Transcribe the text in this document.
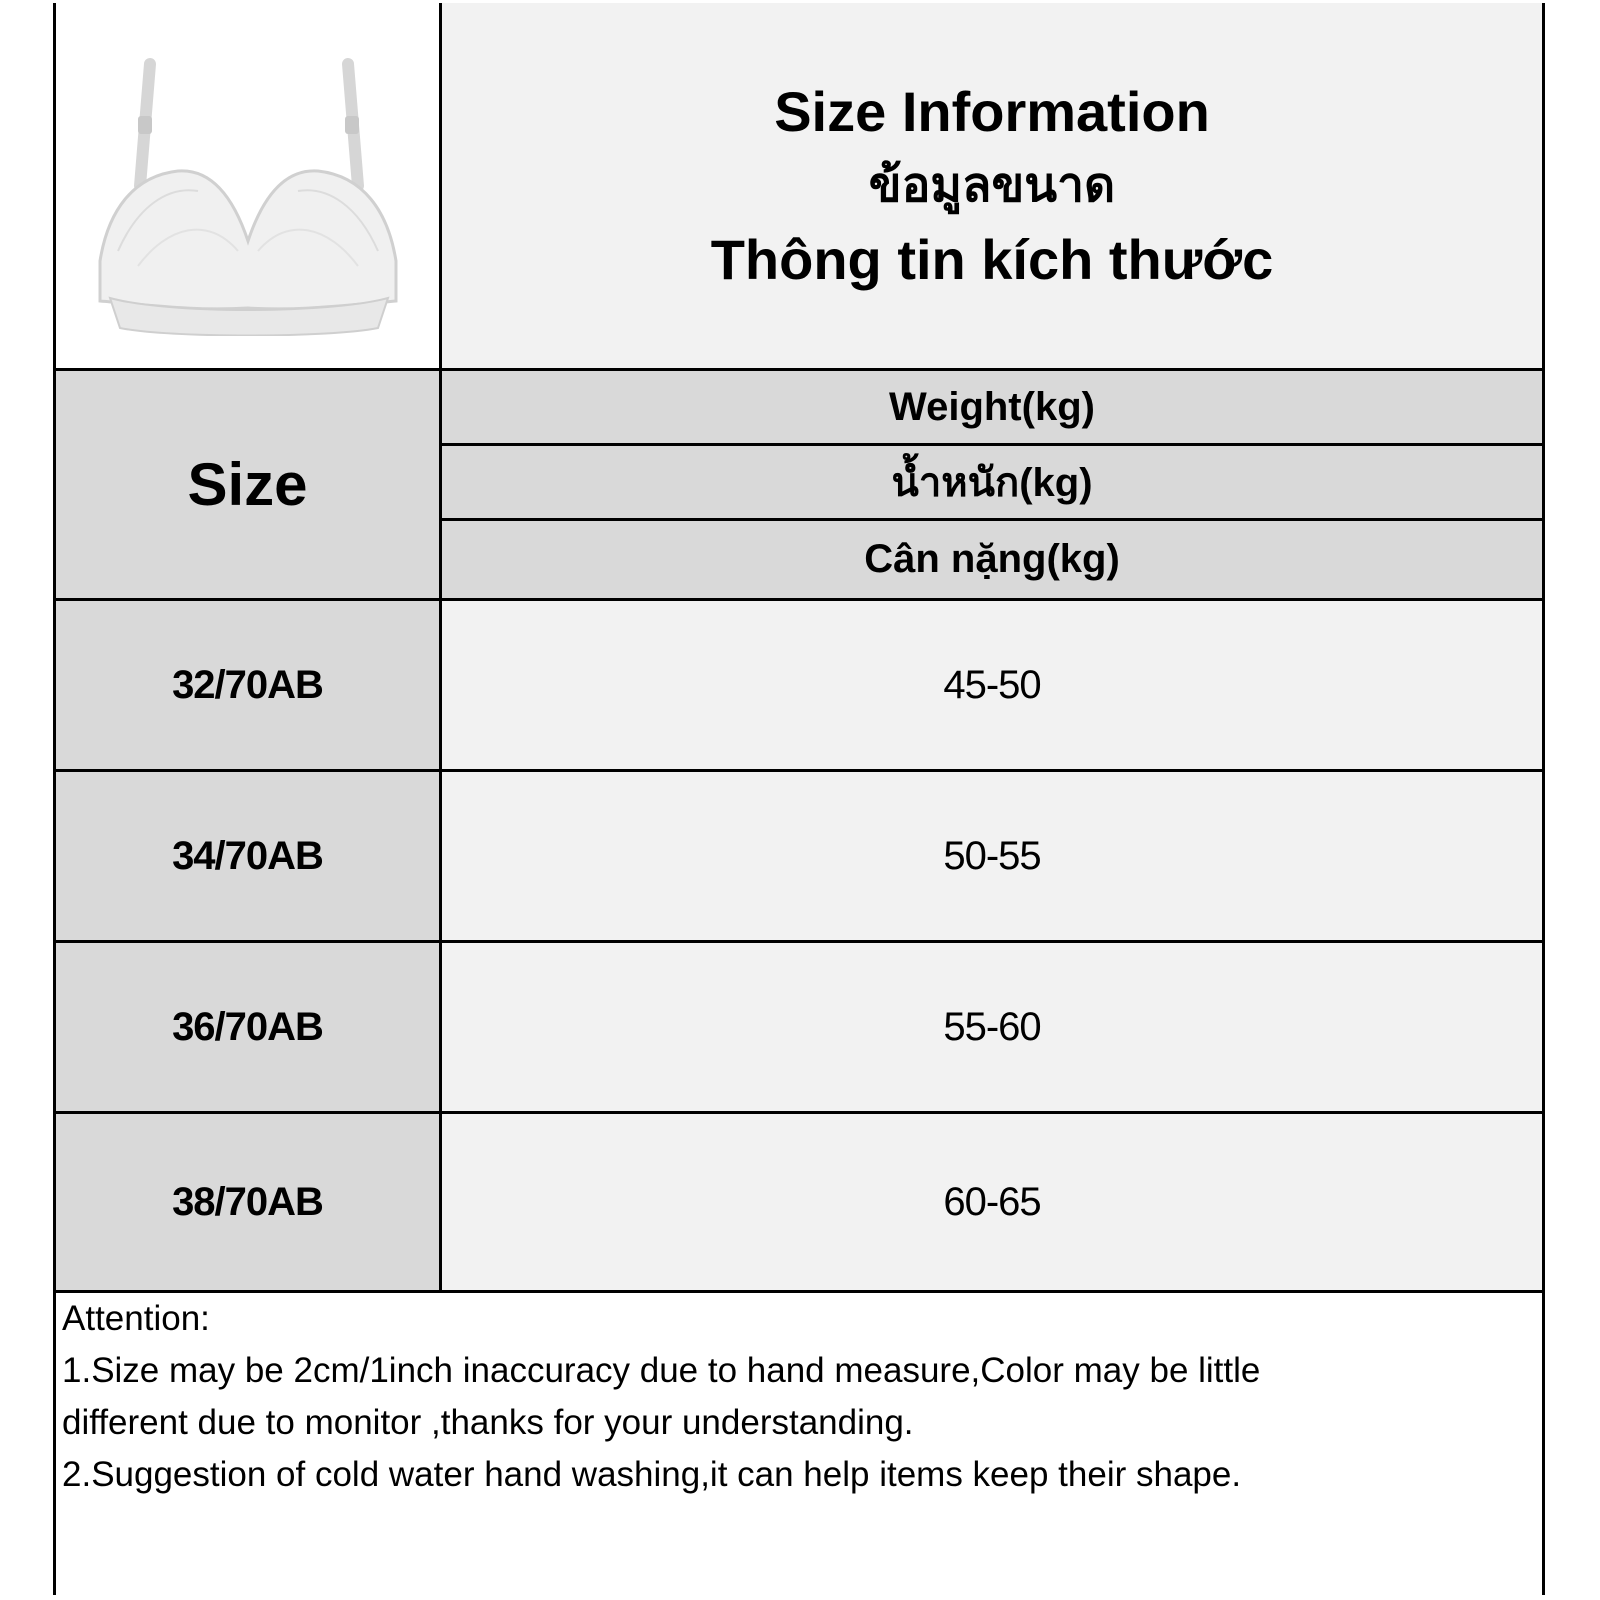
Size Information
ข้อมูลขนาด
Thông tin kích thước
Size
Weight(kg)
น้ำหนัก(kg)
Cân nặng(kg)
32/70AB	45-50
34/70AB	50-55
36/70AB	55-60
38/70AB	60-65
Attention:
1.Size may be 2cm/1inch inaccuracy due to hand measure,Color may be little
different due to monitor ,thanks for your understanding.
2.Suggestion of cold water hand washing,it can help items keep their shape.
